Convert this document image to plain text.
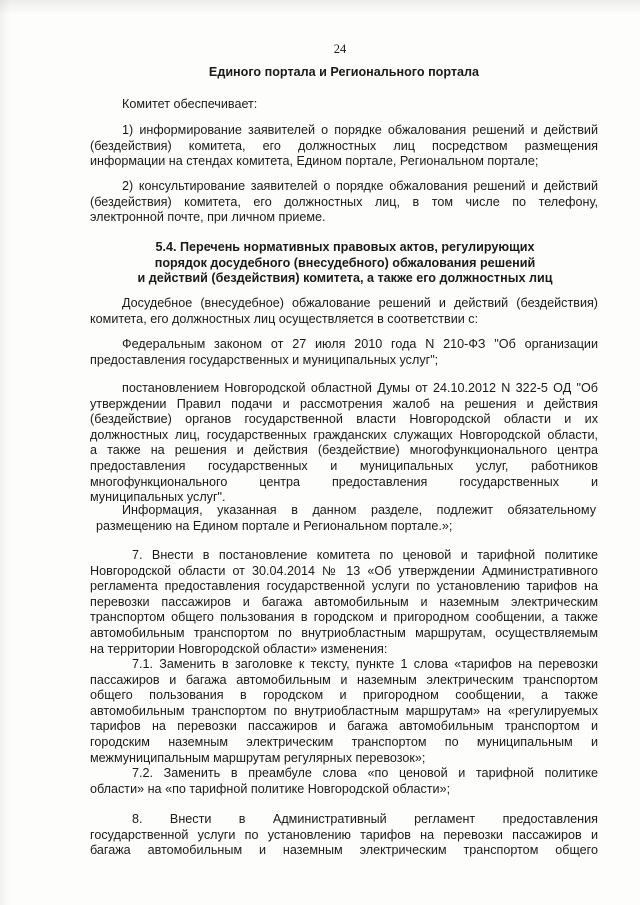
24
Единого портала и Регионального портала
Комитет обеспечивает:
1) информирование заявителей о порядке обжалования решений и действий
(бездействия) комитета, его должностных лиц посредством размещения
информации на стендах комитета, Едином портале, Региональном портале;
2) консультирование заявителей о порядке обжалования решений и действий
(бездействия) комитета, его должностных лиц, в том числе по телефону,
электронной почте, при личном приеме.
5.4. Перечень нормативных правовых актов, регулирующих
порядок досудебного (внесудебного) обжалования решений
и действий (бездействия) комитета, а также его должностных лиц
Досудебное (внесудебное) обжалование решений и действий (бездействия)
комитета, его должностных лиц осуществляется в соответствии с:
Федеральным законом от 27 июля 2010 года N 210-ФЗ "Об организации
предоставления государственных и муниципальных услуг";
постановлением Новгородской областной Думы от 24.10.2012 N 322-5 ОД "Об
утверждении Правил подачи и рассмотрения жалоб на решения и действия
(бездействие) органов государственной власти Новгородской области и их
должностных лиц, государственных гражданских служащих Новгородской области,
а также на решения и действия (бездействие) многофункционального центра
предоставления государственных и муниципальных услуг, работников
многофункционального центра предоставления государственных и
муниципальных услуг".
Информация, указанная в данном разделе, подлежит обязательному
размещению на Едином портале и Региональном портале.»;
7. Внести в постановление комитета по ценовой и тарифной политике
Новгородской области от 30.04.2014 № 13 «Об утверждении Административного
регламента предоставления государственной услуги по установлению тарифов на
перевозки пассажиров и багажа автомобильным и наземным электрическим
транспортом общего пользования в городском и пригородном сообщении, а также
автомобильным транспортом по внутриобластным маршрутам, осуществляемым
на территории Новгородской области» изменения:
7.1. Заменить в заголовке к тексту, пункте 1 слова «тарифов на перевозки
пассажиров и багажа автомобильным и наземным электрическим транспортом
общего пользования в городском и пригородном сообщении, а также
автомобильным транспортом по внутриобластным маршрутам» на «регулируемых
тарифов на перевозки пассажиров и багажа автомобильным транспортом и
городским наземным электрическим транспортом по муниципальным и
межмуниципальным маршрутам регулярных перевозок»;
7.2. Заменить в преамбуле слова «по ценовой и тарифной политике
области» на «по тарифной политике Новгородской области»;
8. Внести в Административный регламент предоставления
государственной услуги по установлению тарифов на перевозки пассажиров и
багажа автомобильным и наземным электрическим транспортом общего
